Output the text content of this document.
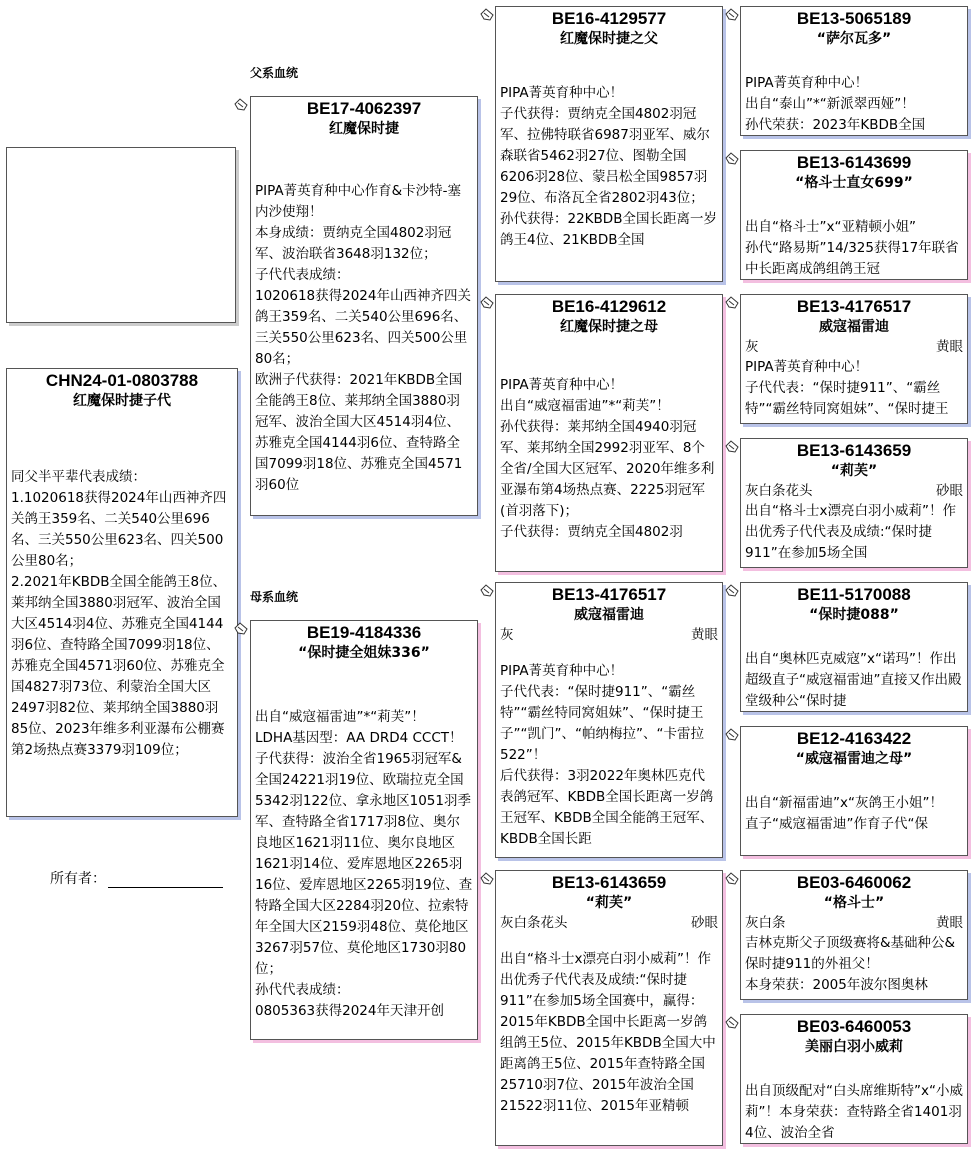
父系血统
母系血统
CHN24-01-0803788
红魔保时捷子代
同父半平辈代表成绩：
1.1020618获得2024年山西神齐四关鸽王359名、二关540公里696名、三关550公里623名、四关500公里80名；
2.2021年KBDB全国全能鸽王8位、莱邦纳全国3880羽冠军、波治全国大区4514羽4位、苏雅克全国4144羽6位、查特路全国7099羽18位、苏雅克全国4571羽60位、苏雅克全国4827羽73位、利蒙治全国大区2497羽82位、莱邦纳全国3880羽85位、2023年维多利亚瀑布公棚赛第2场热点赛3379羽109位；
所有者：
BE17-4062397
红魔保时捷
PIPA菁英育种中心作育&卡沙特-塞内沙使翔！
本身成绩：贾纳克全国4802羽冠军、波治联省3648羽132位；
子代代表成绩：
1020618获得2024年山西神齐四关鸽王359名、二关540公里696名、三关550公里623名、四关500公里80名；
欧洲子代获得：2021年KBDB全国全能鸽王8位、莱邦纳全国3880羽冠军、波治全国大区4514羽4位、苏雅克全国4144羽6位、查特路全国7099羽18位、苏雅克全国4571羽60位
BE19-4184336
“保时捷全姐妹336”
出自“威寇福雷迪”*“莉芙”！
LDHA基因型：AA DRD4 CCCT！子代获得：波治全省1965羽冠军&全国24221羽19位、欧瑞拉克全国5342羽122位、拿永地区1051羽季军、查特路全省1717羽8位、奥尔良地区1621羽11位、奥尔良地区1621羽14位、爱库恩地区2265羽16位、爱库恩地区2265羽19位、查特路全国大区2284羽20位、拉索特年全国大区2159羽48位、莫伦地区3267羽57位、莫伦地区1730羽80位；
孙代代表成绩：
0805363获得2024年天津开创
BE16-4129577
红魔保时捷之父
PIPA菁英育种中心！
子代获得：贾纳克全国4802羽冠军、拉佛特联省6987羽亚军、威尔森联省5462羽27位、图勒全国6206羽28位、蒙吕松全国9857羽29位、布洛瓦全省2802羽43位；
孙代获得：22KBDB全国长距离一岁鸽王4位、21KBDB全国
BE16-4129612
红魔保时捷之母
PIPA菁英育种中心！
出自“威寇福雷迪”*“莉芙”！
孙代获得：莱邦纳全国4940羽冠军、莱邦纳全国2992羽亚军、8个全省/全国大区冠军、2020年维多利亚瀑布第4场热点赛、2225羽冠军(首羽落下)；
子代获得：贾纳克全国4802羽
BE13-4176517
威寇福雷迪
灰	黄眼
PIPA菁英育种中心！
子代代表：“保时捷911”、“霸丝特”“霸丝特同窝姐妹”、“保时捷王子”“凯门”、“帕纳梅拉”、“卡雷拉522”！
后代获得：3羽2022年奥林匹克代表鸽冠军、KBDB全国长距离一岁鸽王冠军、KBDB全国全能鸽王冠军、KBDB全国长距
BE13-6143659
“莉芙”
灰白条花头	砂眼
出自“格斗士x漂亮白羽小威莉”！作出优秀子代代表及成绩:“保时捷911”在参加5场全国赛中，赢得：2015年KBDB全国中长距离一岁鸽组鸽王5位、2015年KBDB全国大中距离鸽王5位、2015年查特路全国25710羽7位、2015年波治全国21522羽11位、2015年亚精顿
BE13-5065189
“萨尔瓦多”
PIPA菁英育种中心！
出自“泰山”*“新派翠西娅”！
孙代荣获：2023年KBDB全国
BE13-6143699
“格斗士直女699”
出自“格斗士”x“亚精顿小姐”
孙代“路易斯”14/325获得17年联省中长距离成鸽组鸽王冠
BE13-4176517
威寇福雷迪
灰	黄眼
PIPA菁英育种中心！
子代代表：“保时捷911”、“霸丝特”“霸丝特同窝姐妹”、“保时捷王
BE13-6143659
“莉芙”
灰白条花头	砂眼
出自“格斗士x漂亮白羽小威莉”！作出优秀子代代表及成绩:“保时捷911”在参加5场全国
BE11-5170088
“保时捷088”
出自“奥林匹克威寇”x“诺玛”！作出超级直子“威寇福雷迪”直接又作出殿堂级种公“保时捷
BE12-4163422
“威寇福雷迪之母”
出自“新福雷迪”x“灰鸽王小姐”！
直子“威寇福雷迪”作育子代“保
BE03-6460062
“格斗士”
灰白条	黄眼
吉林克斯父子顶级赛将&基础种公&保时捷911的外祖父！
本身荣获：2005年波尔图奥林
BE03-6460053
美丽白羽小威莉
出自顶级配对“白头席维斯特”x“小威莉”！本身荣获：查特路全省1401羽4位、波治全省
